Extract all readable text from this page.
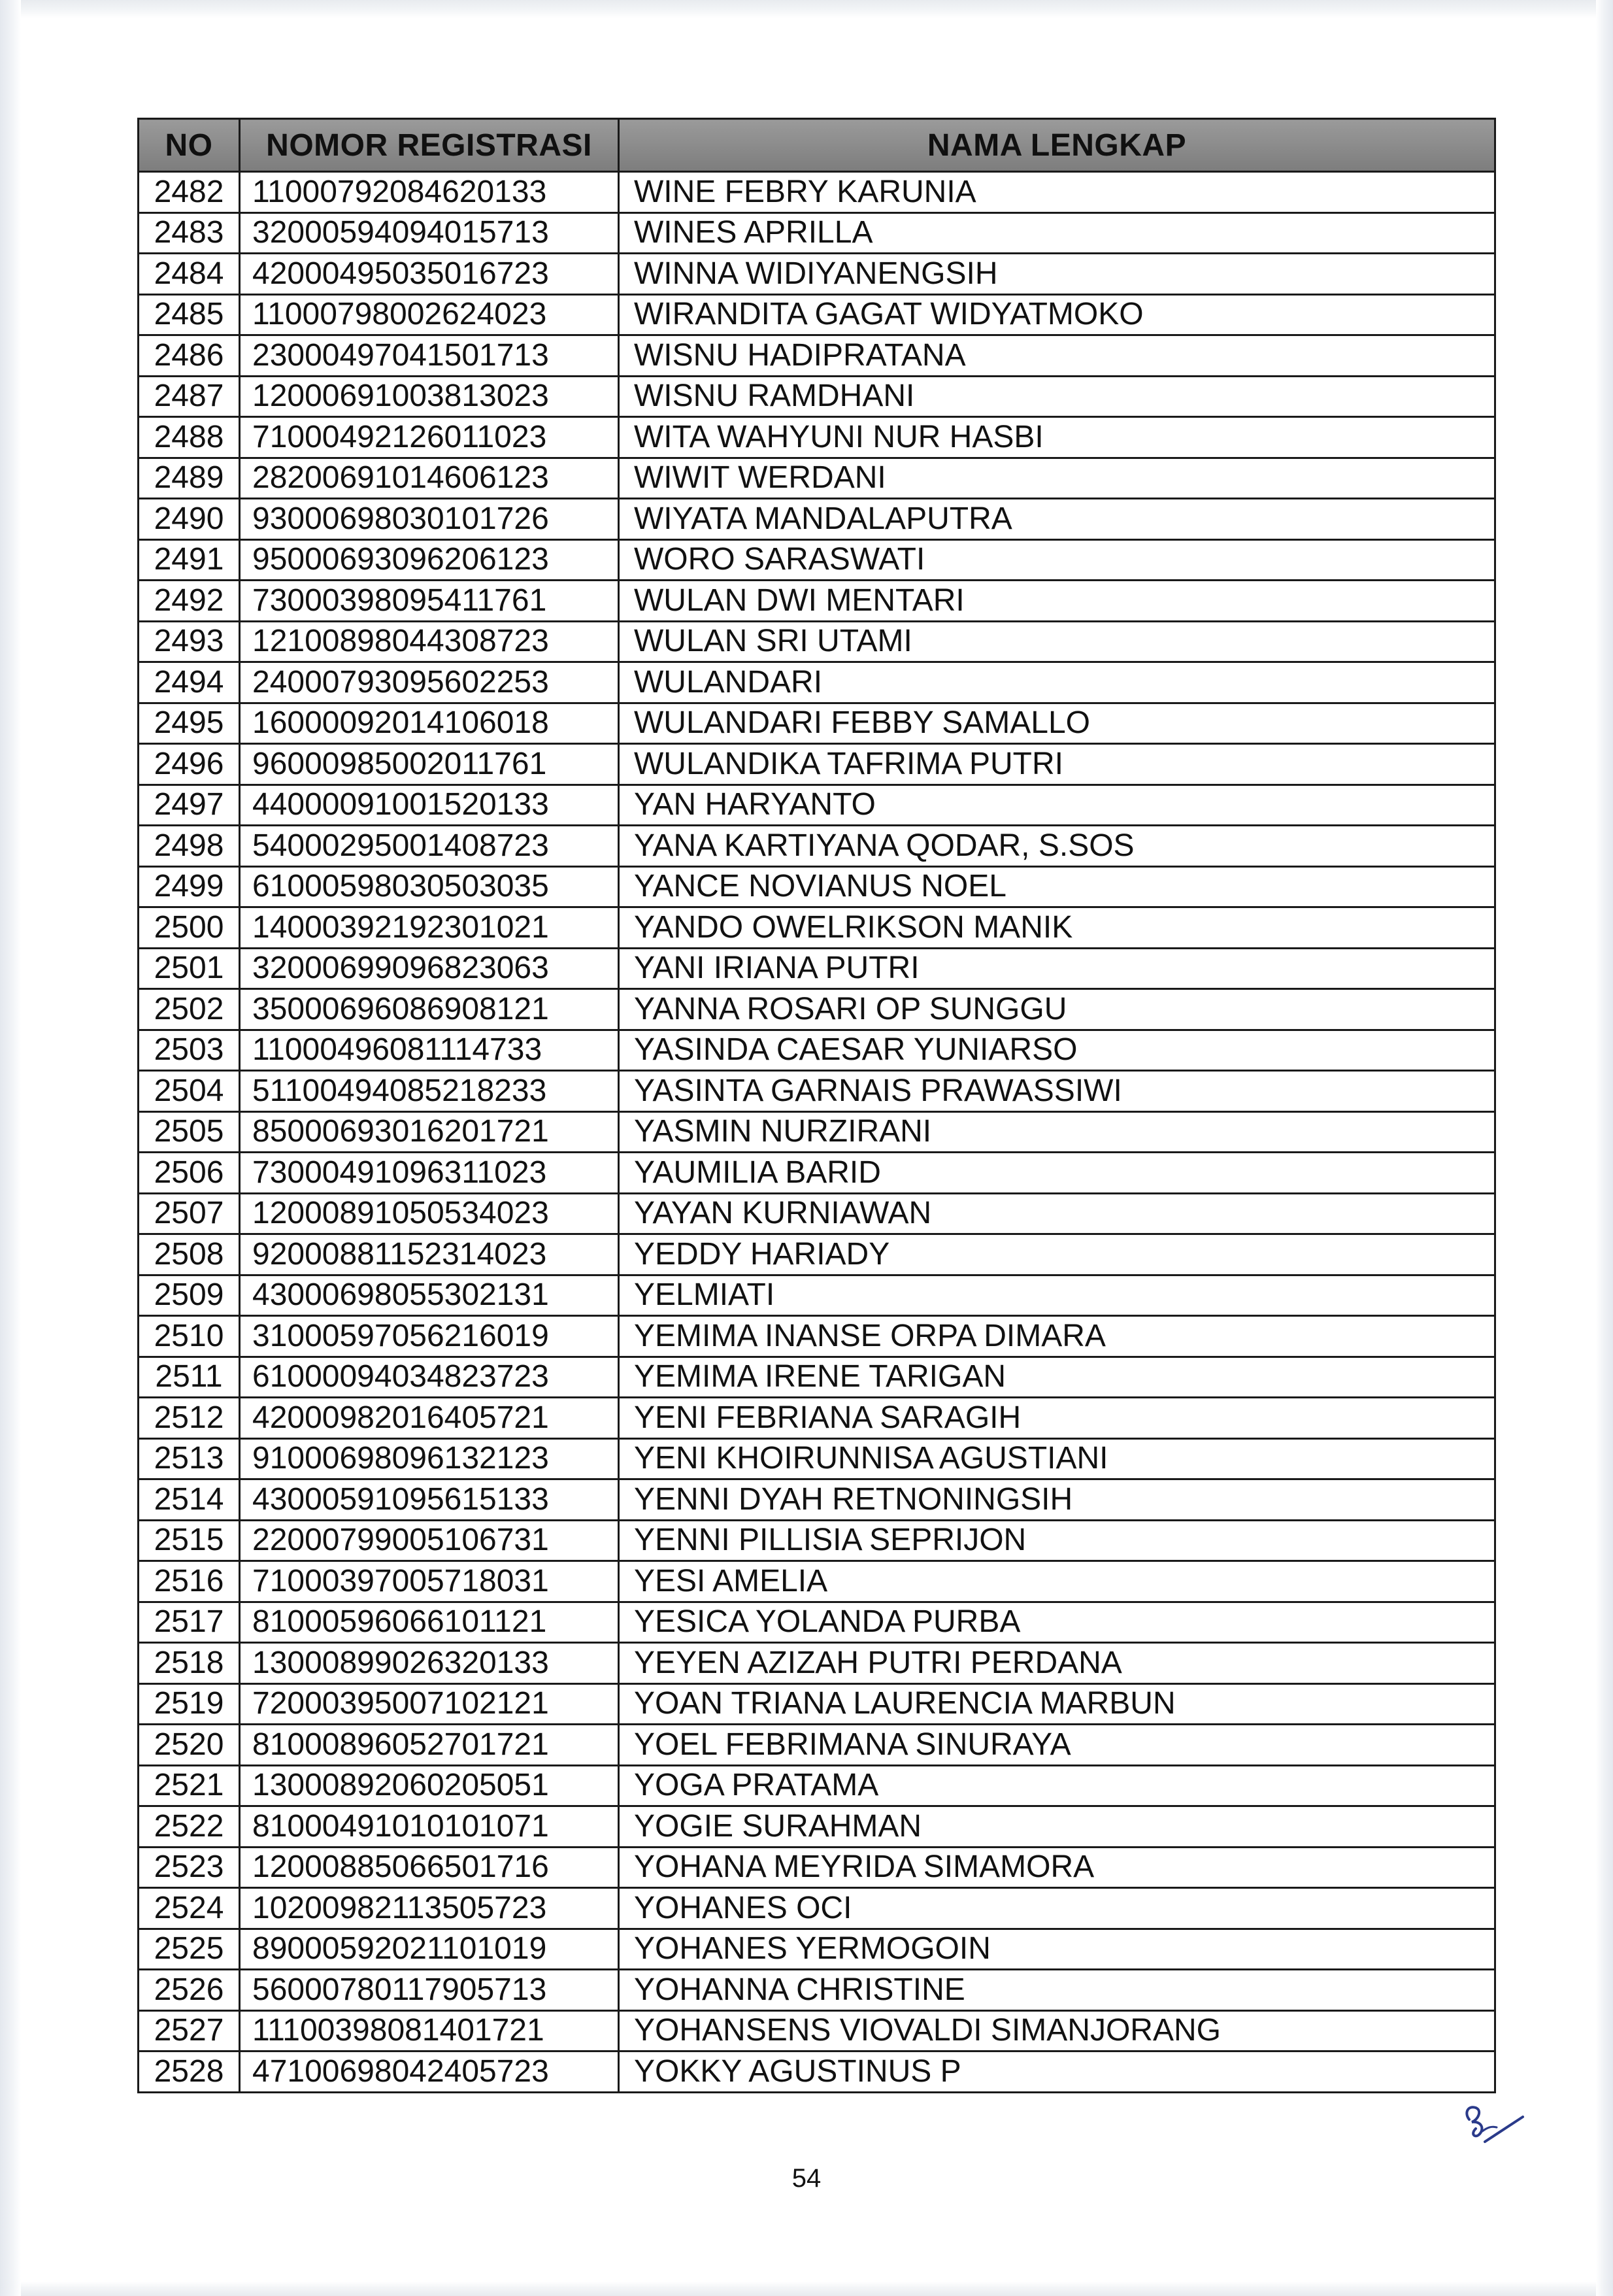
NO	NOMOR REGISTRASI	NAMA LENGKAP
2482	11000792084620133	WINE FEBRY KARUNIA
2483	32000594094015713	WINES APRILLA
2484	42000495035016723	WINNA WIDIYANENGSIH
2485	11000798002624023	WIRANDITA GAGAT WIDYATMOKO
2486	23000497041501713	WISNU HADIPRATANA
2487	12000691003813023	WISNU RAMDHANI
2488	71000492126011023	WITA WAHYUNI NUR HASBI
2489	28200691014606123	WIWIT WERDANI
2490	93000698030101726	WIYATA MANDALAPUTRA
2491	95000693096206123	WORO SARASWATI
2492	73000398095411761	WULAN DWI MENTARI
2493	12100898044308723	WULAN SRI UTAMI
2494	24000793095602253	WULANDARI
2495	16000092014106018	WULANDARI FEBBY SAMALLO
2496	96000985002011761	WULANDIKA TAFRIMA PUTRI
2497	44000091001520133	YAN HARYANTO
2498	54000295001408723	YANA KARTIYANA QODAR, S.SOS
2499	61000598030503035	YANCE NOVIANUS NOEL
2500	14000392192301021	YANDO OWELRIKSON MANIK
2501	32000699096823063	YANI IRIANA PUTRI
2502	35000696086908121	YANNA ROSARI OP SUNGGU
2503	11000496081114733	YASINDA CAESAR YUNIARSO
2504	51100494085218233	YASINTA GARNAIS PRAWASSIWI
2505	85000693016201721	YASMIN NURZIRANI
2506	73000491096311023	YAUMILIA BARID
2507	12000891050534023	YAYAN KURNIAWAN
2508	92000881152314023	YEDDY HARIADY
2509	43000698055302131	YELMIATI
2510	31000597056216019	YEMIMA INANSE ORPA DIMARA
2511	61000094034823723	YEMIMA IRENE TARIGAN
2512	42000982016405721	YENI FEBRIANA SARAGIH
2513	91000698096132123	YENI KHOIRUNNISA AGUSTIANI
2514	43000591095615133	YENNI DYAH RETNONINGSIH
2515	22000799005106731	YENNI PILLISIA SEPRIJON
2516	71000397005718031	YESI AMELIA
2517	81000596066101121	YESICA YOLANDA PURBA
2518	13000899026320133	YEYEN AZIZAH PUTRI PERDANA
2519	72000395007102121	YOAN TRIANA LAURENCIA MARBUN
2520	81000896052701721	YOEL FEBRIMANA SINURAYA
2521	13000892060205051	YOGA PRATAMA
2522	81000491010101071	YOGIE SURAHMAN
2523	12000885066501716	YOHANA MEYRIDA SIMAMORA
2524	10200982113505723	YOHANES OCI
2525	89000592021101019	YOHANES YERMOGOIN
2526	56000780117905713	YOHANNA CHRISTINE
2527	11100398081401721	YOHANSENS VIOVALDI SIMANJORANG
2528	47100698042405723	YOKKY AGUSTINUS P
54
